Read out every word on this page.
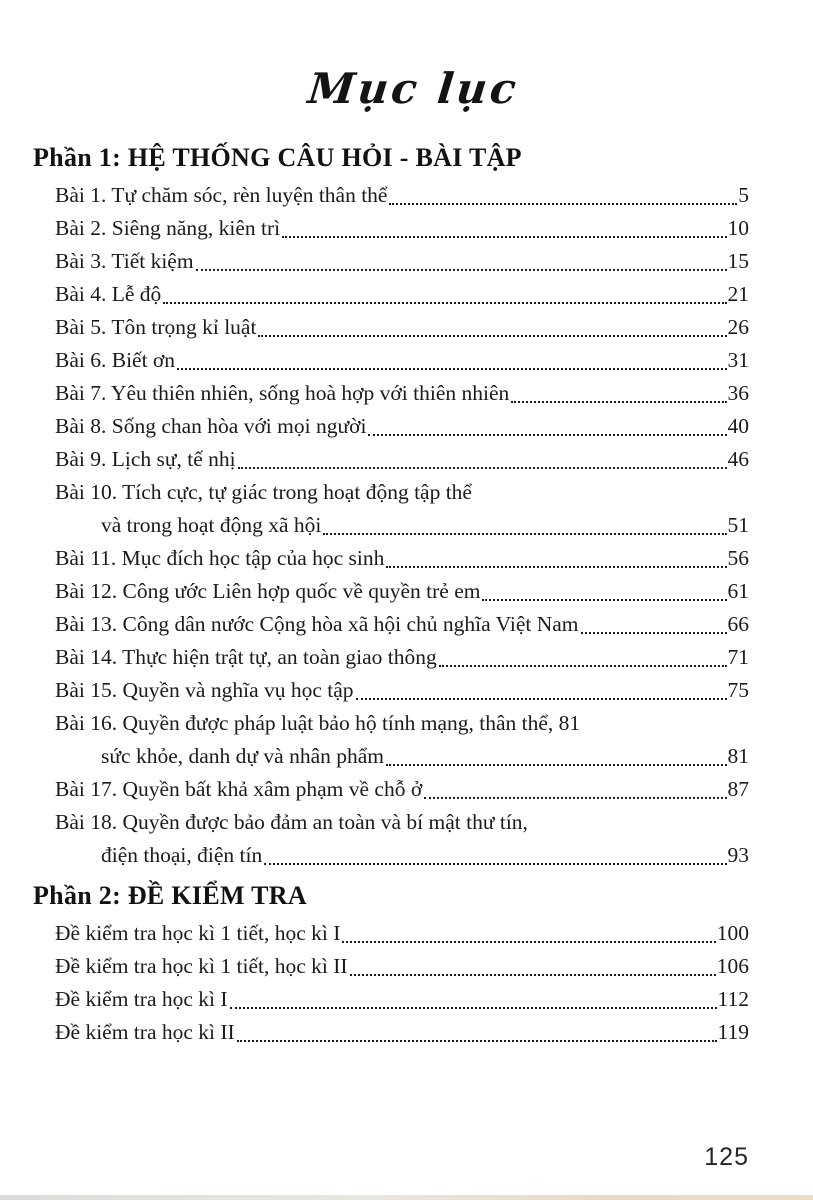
Mục lục
Phần 1: HỆ THỐNG CÂU HỎI - BÀI TẬP
Bài 1. Tự chăm sóc, rèn luyện thân thể	5
Bài 2. Siêng năng, kiên trì	10
Bài 3. Tiết kiệm	15
Bài 4. Lễ độ	21
Bài 5. Tôn trọng kỉ luật	26
Bài 6. Biết ơn	31
Bài 7. Yêu thiên nhiên, sống hoà hợp với thiên nhiên	36
Bài 8. Sống chan hòa với mọi người	40
Bài 9. Lịch sự, tế nhị	46
Bài 10. Tích cực, tự giác trong hoạt động tập thể
và trong hoạt động xã hội	51
Bài 11. Mục đích học tập của học sinh	56
Bài 12. Công ước Liên hợp quốc về quyền trẻ em	61
Bài 13. Công dân nước Cộng hòa xã hội chủ nghĩa Việt Nam	66
Bài 14. Thực hiện trật tự, an toàn giao thông	71
Bài 15. Quyền và nghĩa vụ học tập	75
Bài 16. Quyền được pháp luật bảo hộ tính mạng, thân thể, 81
sức khỏe, danh dự và nhân phẩm	81
Bài 17. Quyền bất khả xâm phạm về chỗ ở	87
Bài 18. Quyền được bảo đảm an toàn và bí mật thư tín,
điện thoại, điện tín	93
Phần 2: ĐỀ KIỂM TRA
Đề kiểm tra học kì 1 tiết, học kì I	100
Đề kiểm tra học kì 1 tiết, học kì II	106
Đề kiểm tra học kì I	112
Đề kiểm tra học kì II	119
125
